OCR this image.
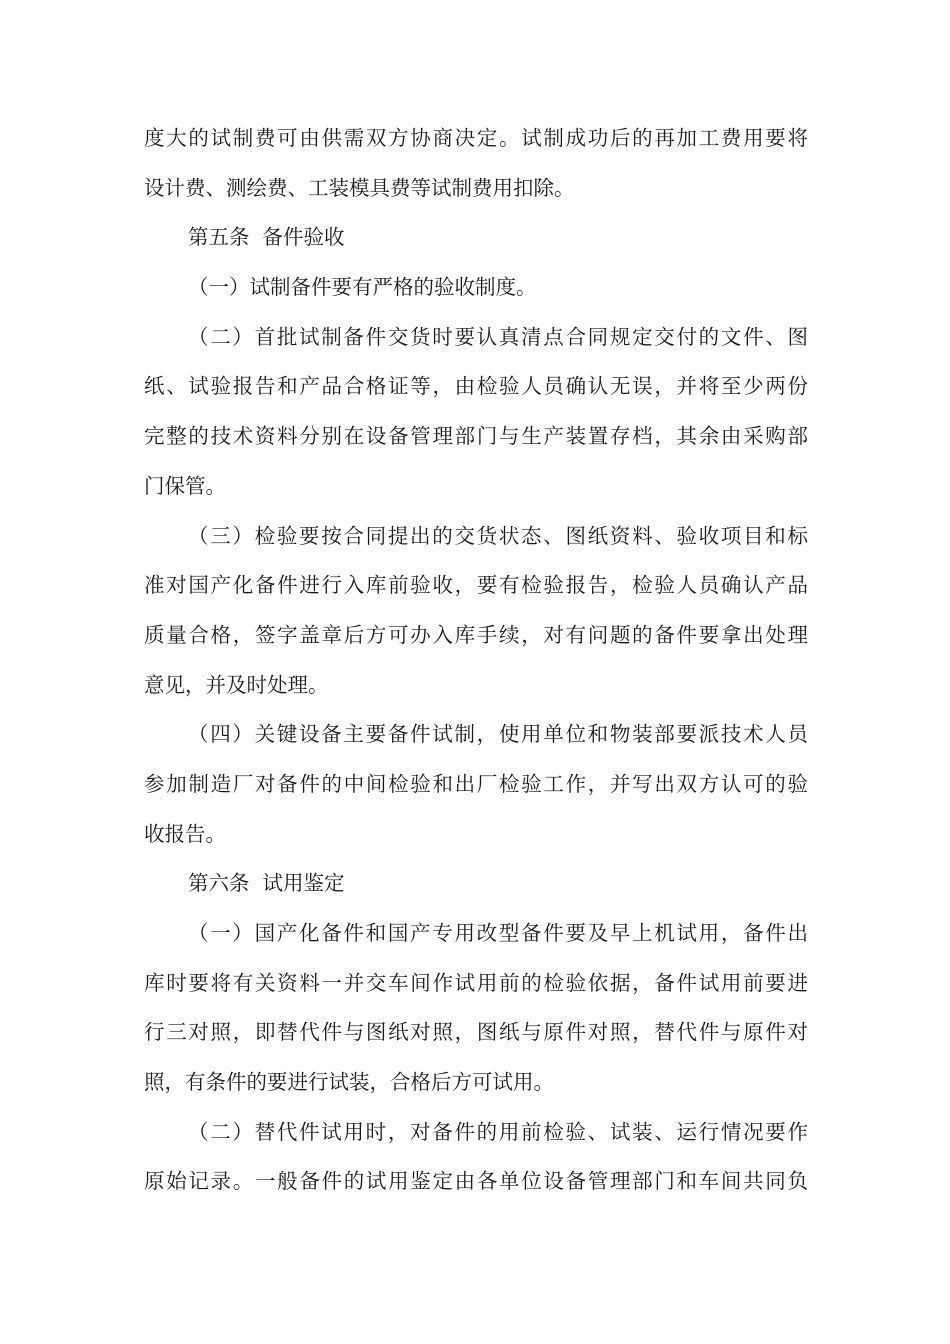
度大的试制费可由供需双方协商决定。试制成功后的再加工费用要将
设计费、测绘费、工装模具费等试制费用扣除。
第五条  备件验收
（一）试制备件要有严格的验收制度。
（二）首批试制备件交货时要认真清点合同规定交付的文件、图
纸、试验报告和产品合格证等，由检验人员确认无误，并将至少两份
完整的技术资料分别在设备管理部门与生产装置存档，其余由采购部
门保管。
（三）检验要按合同提出的交货状态、图纸资料、验收项目和标
准对国产化备件进行入库前验收，要有检验报告，检验人员确认产品
质量合格，签字盖章后方可办入库手续，对有问题的备件要拿出处理
意见，并及时处理。
（四）关键设备主要备件试制，使用单位和物装部要派技术人员
参加制造厂对备件的中间检验和出厂检验工作，并写出双方认可的验
收报告。
第六条  试用鉴定
（一）国产化备件和国产专用改型备件要及早上机试用，备件出
库时要将有关资料一并交车间作试用前的检验依据，备件试用前要进
行三对照，即替代件与图纸对照，图纸与原件对照，替代件与原件对
照，有条件的要进行试装，合格后方可试用。
（二）替代件试用时，对备件的用前检验、试装、运行情况要作
原始记录。一般备件的试用鉴定由各单位设备管理部门和车间共同负
